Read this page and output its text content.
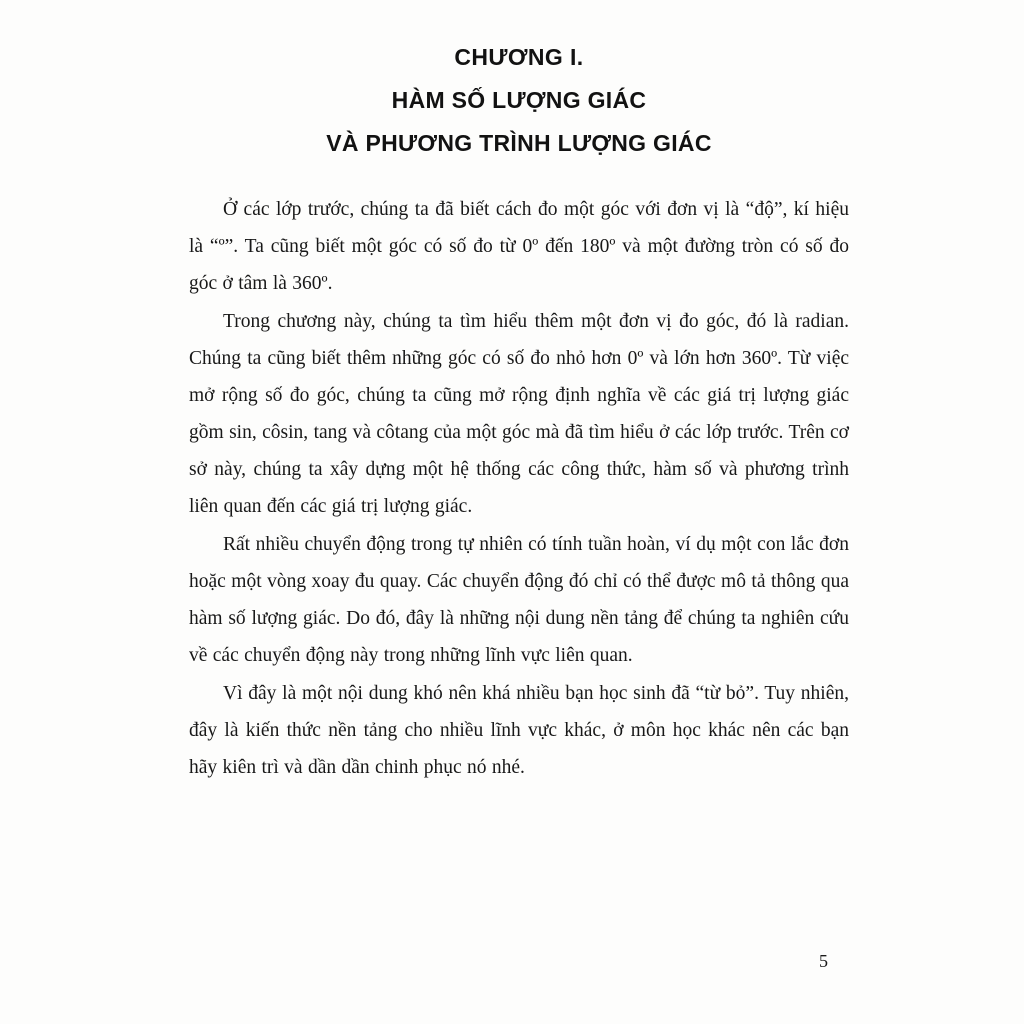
CHƯƠNG I.
HÀM SỐ LƯỢNG GIÁC
VÀ PHƯƠNG TRÌNH LƯỢNG GIÁC

Ở các lớp trước, chúng ta đã biết cách đo một góc với đơn vị là “độ”, kí hiệu là “º”. Ta cũng biết một góc có số đo từ 0º đến 180º và một đường tròn có số đo góc ở tâm là 360º.

Trong chương này, chúng ta tìm hiểu thêm một đơn vị đo góc, đó là radian. Chúng ta cũng biết thêm những góc có số đo nhỏ hơn 0º và lớn hơn 360º. Từ việc mở rộng số đo góc, chúng ta cũng mở rộng định nghĩa về các giá trị lượng giác gồm sin, côsin, tang và côtang của một góc mà đã tìm hiểu ở các lớp trước. Trên cơ sở này, chúng ta xây dựng một hệ thống các công thức, hàm số và phương trình liên quan đến các giá trị lượng giác.

Rất nhiều chuyển động trong tự nhiên có tính tuần hoàn, ví dụ một con lắc đơn hoặc một vòng xoay đu quay. Các chuyển động đó chỉ có thể được mô tả thông qua hàm số lượng giác. Do đó, đây là những nội dung nền tảng để chúng ta nghiên cứu về các chuyển động này trong những lĩnh vực liên quan.

Vì đây là một nội dung khó nên khá nhiều bạn học sinh đã “từ bỏ”. Tuy nhiên, đây là kiến thức nền tảng cho nhiều lĩnh vực khác, ở môn học khác nên các bạn hãy kiên trì và dần dần chinh phục nó nhé.

5
